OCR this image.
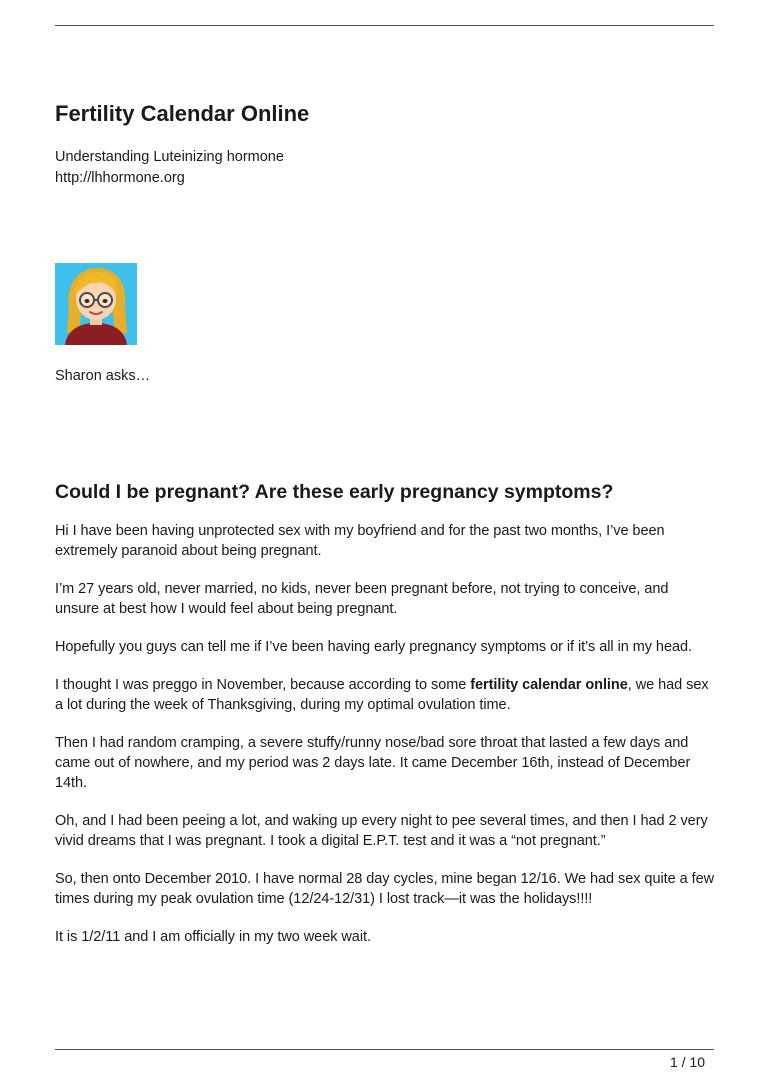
Fertility Calendar Online

Understanding Luteinizing hormone

http://lhhormone.org

Sharon asks…

Could I be pregnant? Are these early pregnancy symptoms?

Hi I have been having unprotected sex with my boyfriend and for the past two months, I’ve been extremely paranoid about being pregnant.

I’m 27 years old, never married, no kids, never been pregnant before, not trying to conceive, and unsure at best how I would feel about being pregnant.

Hopefully you guys can tell me if I’ve been having early pregnancy symptoms or if it’s all in my head.

I thought I was preggo in November, because according to some fertility calendar online, we had sex a lot during the week of Thanksgiving, during my optimal ovulation time.

Then I had random cramping, a severe stuffy/runny nose/bad sore throat that lasted a few days and came out of nowhere, and my period was 2 days late. It came December 16th, instead of December 14th.

Oh, and I had been peeing a lot, and waking up every night to pee several times, and then I had 2 very vivid dreams that I was pregnant. I took a digital E.P.T. test and it was a “not pregnant.”

So, then onto December 2010. I have normal 28 day cycles, mine began 12/16. We had sex quite a few times during my peak ovulation time (12/24-12/31) I lost track—it was the holidays!!!!

It is 1/2/11 and I am officially in my two week wait.

1 / 10
